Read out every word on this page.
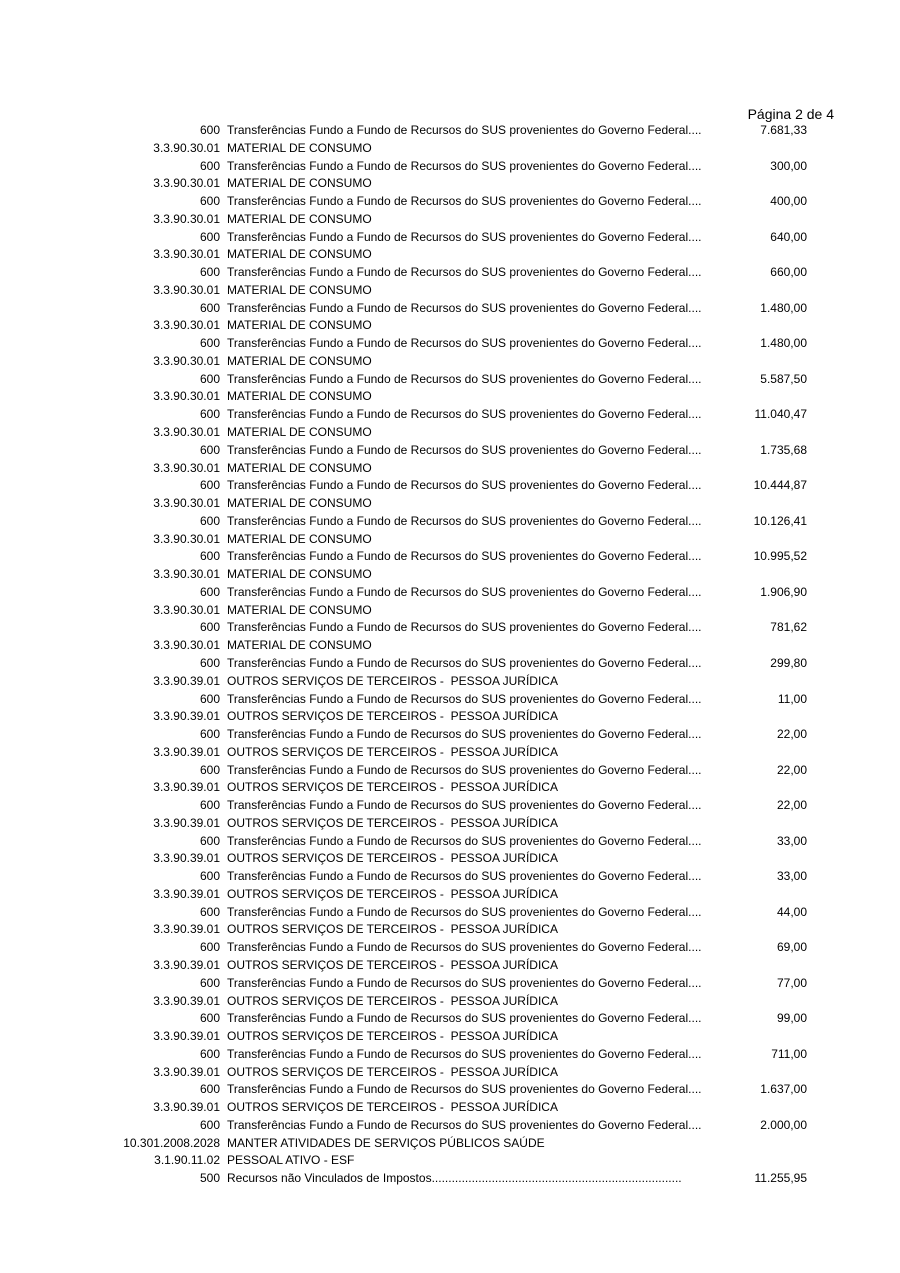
Página 2 de 4
600 Transferências Fundo a Fundo de Recursos do SUS provenientes do Governo Federal....	7.681,33
3.3.90.30.01 MATERIAL DE CONSUMO
600 Transferências Fundo a Fundo de Recursos do SUS provenientes do Governo Federal....	300,00
3.3.90.30.01 MATERIAL DE CONSUMO
600 Transferências Fundo a Fundo de Recursos do SUS provenientes do Governo Federal....	400,00
3.3.90.30.01 MATERIAL DE CONSUMO
600 Transferências Fundo a Fundo de Recursos do SUS provenientes do Governo Federal....	640,00
3.3.90.30.01 MATERIAL DE CONSUMO
600 Transferências Fundo a Fundo de Recursos do SUS provenientes do Governo Federal....	660,00
3.3.90.30.01 MATERIAL DE CONSUMO
600 Transferências Fundo a Fundo de Recursos do SUS provenientes do Governo Federal....	1.480,00
3.3.90.30.01 MATERIAL DE CONSUMO
600 Transferências Fundo a Fundo de Recursos do SUS provenientes do Governo Federal....	1.480,00
3.3.90.30.01 MATERIAL DE CONSUMO
600 Transferências Fundo a Fundo de Recursos do SUS provenientes do Governo Federal....	5.587,50
3.3.90.30.01 MATERIAL DE CONSUMO
600 Transferências Fundo a Fundo de Recursos do SUS provenientes do Governo Federal....	11.040,47
3.3.90.30.01 MATERIAL DE CONSUMO
600 Transferências Fundo a Fundo de Recursos do SUS provenientes do Governo Federal....	1.735,68
3.3.90.30.01 MATERIAL DE CONSUMO
600 Transferências Fundo a Fundo de Recursos do SUS provenientes do Governo Federal....	10.444,87
3.3.90.30.01 MATERIAL DE CONSUMO
600 Transferências Fundo a Fundo de Recursos do SUS provenientes do Governo Federal....	10.126,41
3.3.90.30.01 MATERIAL DE CONSUMO
600 Transferências Fundo a Fundo de Recursos do SUS provenientes do Governo Federal....	10.995,52
3.3.90.30.01 MATERIAL DE CONSUMO
600 Transferências Fundo a Fundo de Recursos do SUS provenientes do Governo Federal....	1.906,90
3.3.90.30.01 MATERIAL DE CONSUMO
600 Transferências Fundo a Fundo de Recursos do SUS provenientes do Governo Federal....	781,62
3.3.90.30.01 MATERIAL DE CONSUMO
600 Transferências Fundo a Fundo de Recursos do SUS provenientes do Governo Federal....	299,80
3.3.90.39.01 OUTROS SERVIÇOS DE TERCEIROS -  PESSOA JURÍDICA
600 Transferências Fundo a Fundo de Recursos do SUS provenientes do Governo Federal....	11,00
3.3.90.39.01 OUTROS SERVIÇOS DE TERCEIROS -  PESSOA JURÍDICA
600 Transferências Fundo a Fundo de Recursos do SUS provenientes do Governo Federal....	22,00
3.3.90.39.01 OUTROS SERVIÇOS DE TERCEIROS -  PESSOA JURÍDICA
600 Transferências Fundo a Fundo de Recursos do SUS provenientes do Governo Federal....	22,00
3.3.90.39.01 OUTROS SERVIÇOS DE TERCEIROS -  PESSOA JURÍDICA
600 Transferências Fundo a Fundo de Recursos do SUS provenientes do Governo Federal....	22,00
3.3.90.39.01 OUTROS SERVIÇOS DE TERCEIROS -  PESSOA JURÍDICA
600 Transferências Fundo a Fundo de Recursos do SUS provenientes do Governo Federal....	33,00
3.3.90.39.01 OUTROS SERVIÇOS DE TERCEIROS -  PESSOA JURÍDICA
600 Transferências Fundo a Fundo de Recursos do SUS provenientes do Governo Federal....	33,00
3.3.90.39.01 OUTROS SERVIÇOS DE TERCEIROS -  PESSOA JURÍDICA
600 Transferências Fundo a Fundo de Recursos do SUS provenientes do Governo Federal....	44,00
3.3.90.39.01 OUTROS SERVIÇOS DE TERCEIROS -  PESSOA JURÍDICA
600 Transferências Fundo a Fundo de Recursos do SUS provenientes do Governo Federal....	69,00
3.3.90.39.01 OUTROS SERVIÇOS DE TERCEIROS -  PESSOA JURÍDICA
600 Transferências Fundo a Fundo de Recursos do SUS provenientes do Governo Federal....	77,00
3.3.90.39.01 OUTROS SERVIÇOS DE TERCEIROS -  PESSOA JURÍDICA
600 Transferências Fundo a Fundo de Recursos do SUS provenientes do Governo Federal....	99,00
3.3.90.39.01 OUTROS SERVIÇOS DE TERCEIROS -  PESSOA JURÍDICA
600 Transferências Fundo a Fundo de Recursos do SUS provenientes do Governo Federal....	711,00
3.3.90.39.01 OUTROS SERVIÇOS DE TERCEIROS -  PESSOA JURÍDICA
600 Transferências Fundo a Fundo de Recursos do SUS provenientes do Governo Federal....	1.637,00
3.3.90.39.01 OUTROS SERVIÇOS DE TERCEIROS -  PESSOA JURÍDICA
600 Transferências Fundo a Fundo de Recursos do SUS provenientes do Governo Federal....	2.000,00
10.301.2008.2028 MANTER ATIVIDADES DE SERVIÇOS PÚBLICOS SAÚDE
3.1.90.11.02 PESSOAL ATIVO - ESF
500 Recursos não Vinculados de Impostos...........................................................................	11.255,95
